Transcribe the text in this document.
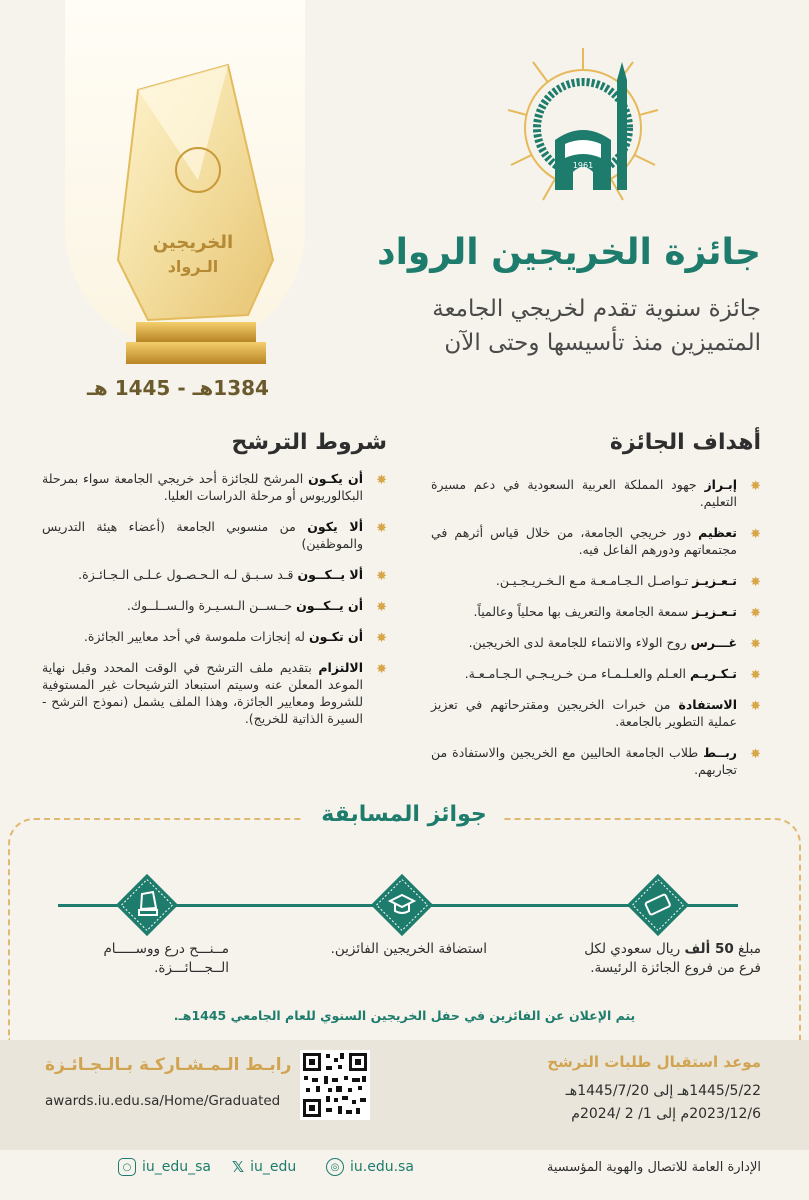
الخريجين
الـرواد
1384هـ - 1445 هـ
1961
جائزة الخريجين الرواد
جائزة سنوية تقدم لخريجي الجامعة المتميزين منذ تأسيسها وحتى الآن
أهداف الجائزة
✸
إبـراز جهود المملكة العربية السعودية في دعم مسيرة التعليم.
✸
تعظيم دور خريجي الجامعة، من خلال قياس أثرهم في مجتمعاتهم ودورهم الفاعل فيه.
✸
تـعـزيـز تـواصـل الـجـامـعـة مـع الـخـريـجـيـن.
✸
تـعـزيـز سمعة الجامعة والتعريف بها محلياً وعالمياً.
✸
غـــرس روح الولاء والانتماء للجامعة لدى الخريجين.
✸
تـكـريـم العـلم والعـلـمـاء مـن خـريـجـي الـجـامـعـة.
✸
الاستفادة من خبرات الخريجين ومقترحاتهم في تعزيز عملية التطوير بالجامعة.
✸
ربــط طلاب الجامعة الحاليين مع الخريجين والاستفادة من تجاربهم.
شروط الترشح
✸
أن يكـون المرشح للجائزة أحد خريجي الجامعة سواء بمرحلة البكالوريوس أو مرحلة الدراسات العليا.
✸
ألا يكون من منسوبي الجامعة (أعضاء هيئة التدريس والموظفين)
✸
ألا يــكــون قـد سـبـق لـه الـحـصـول عـلـى الـجـائـزة.
✸
أن يــكــون حــســن الـسـيـرة والـســلــوك.
✸
أن تكـون له إنجازات ملموسة في أحد معايير الجائزة.
✸
الالتزام بتقديم ملف الترشح في الوقت المحدد وقبل نهاية الموعد المعلن عنه وسيتم استبعاد الترشيحات غير المستوفية للشروط ومعايير الجائزة، وهذا الملف يشمل (نموذج الترشح - السيرة الذاتية للخريج).
جوائز المسابقة
مبلغ 50 ألف ريال سعودي لكل فرع من فروع الجائزة الرئيسة.
استضافة الخريجين الفائزين.
مــنـــح درع ووســـــام الــجـــائـــزة.
يتم الإعلان عن الفائزين في حفل الخريجين السنوي للعام الجامعي 1445هـ.
موعد استقبال طلبات الترشح
1445/5/22هـ إلى 1445/7/20هـ
2023/12/6م إلى 1/ 2 /2024م
رابـط الـمـشـاركـة بـالـجـائـزة
awards.iu.edu.sa/Home/Graduated
الإدارة العامة للاتصال والهوية المؤسسية
◎ iu.edu.sa
𝕏 iu_edu
○ iu_edu_sa
